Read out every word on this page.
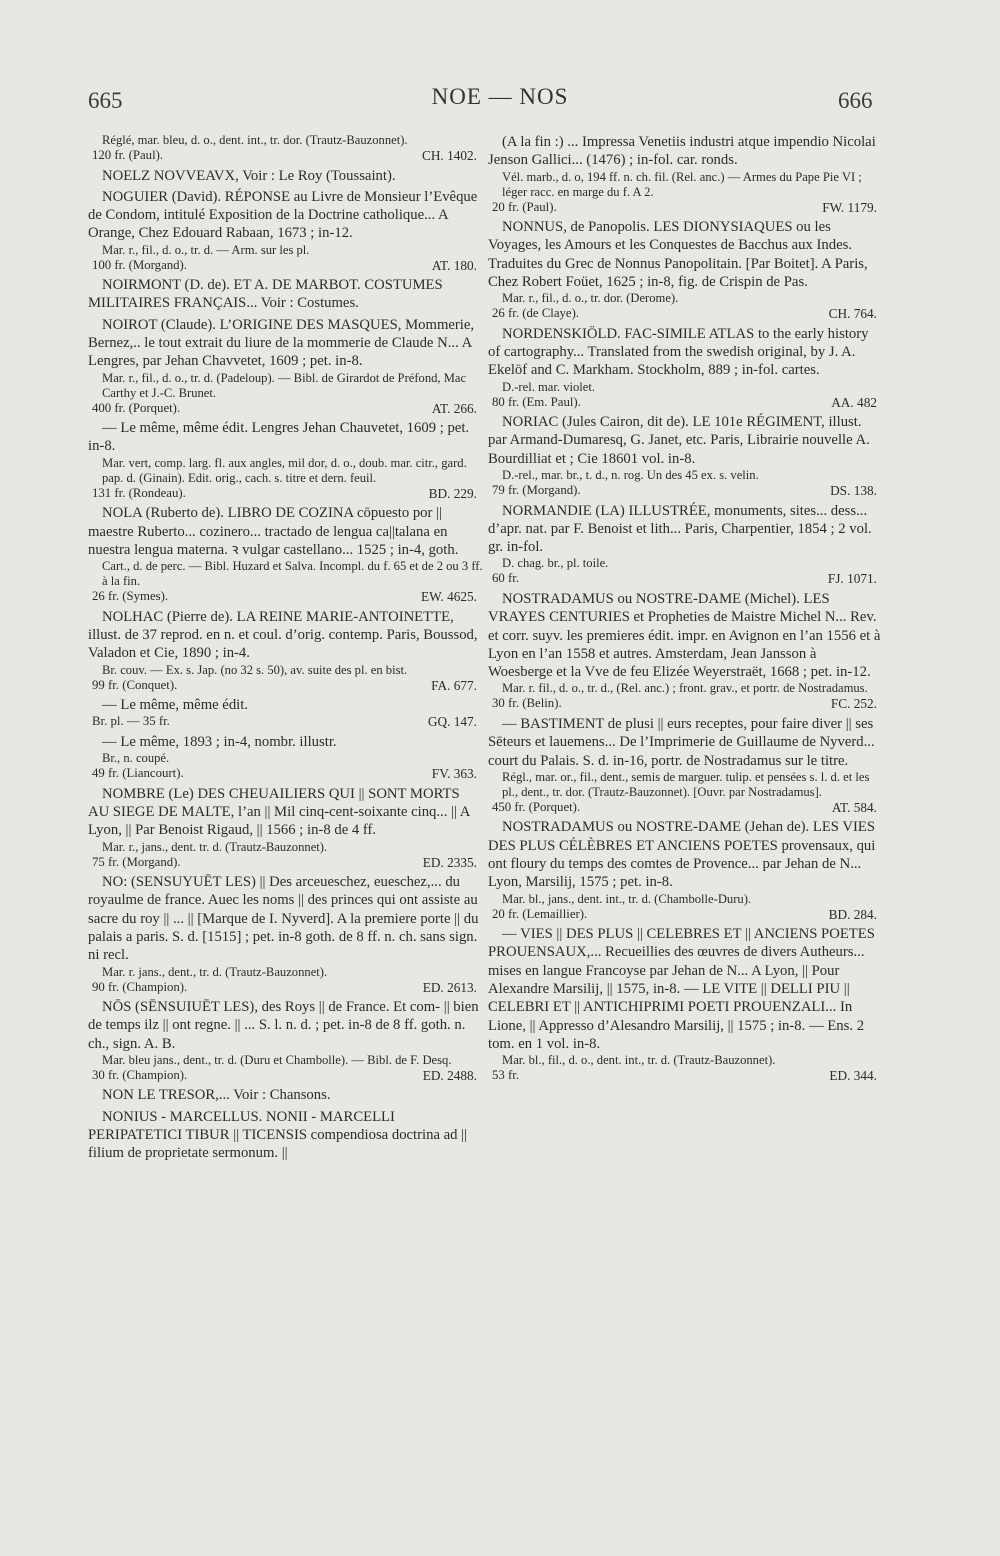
665	NOE — NOS	666
Réglé, mar. bleu, d. o., dent. int., tr. dor. (Trautz-Bauzonnet).
120 fr. (Paul).	CH. 1402.
NOELZ NOVVEAVX, Voir : Le Roy (Toussaint).
NOGUIER (David). RÉPONSE au Livre de Monsieur l’Evêque de Condom, intitulé Exposition de la Doctrine catholique... A Orange, Chez Edouard Rabaan, 1673 ; in-12.
Mar. r., fil., d. o., tr. d. — Arm. sur les pl.
100 fr. (Morgand).	AT. 180.
NOIRMONT (D. de). ET A. DE MARBOT. COSTUMES MILITAIRES FRANÇAIS... Voir : Costumes.
NOIROT (Claude). L’ORIGINE DES MASQUES, Mommerie, Bernez,.. le tout extrait du liure de la mommerie de Claude N... A Lengres, par Jehan Chavvetet, 1609 ; pet. in-8.
Mar. r., fil., d. o., tr. d. (Padeloup). — Bibl. de Girardot de Préfond, Mac Carthy et J.-C. Brunet.
400 fr. (Porquet).	AT. 266.
— Le même, même édit. Lengres Jehan Chauvetet, 1609 ; pet. in-8.
Mar. vert, comp. larg. fl. aux angles, mil dor, d. o., doub. mar. citr., gard. pap. d. (Ginain). Edit. orig., cach. s. titre et dern. feuil.
131 fr. (Rondeau).	BD. 229.
NOLA (Ruberto de). LIBRO DE COZINA cōpuesto por || maestre Ruberto... cozinero... tractado de lengua ca||talana en nuestra lengua materna. ꝛ vulgar castellano... 1525 ; in-4, goth.
Cart., d. de perc. — Bibl. Huzard et Salva. Incompl. du f. 65 et de 2 ou 3 ff. à la fin.
26 fr. (Symes).	EW. 4625.
NOLHAC (Pierre de). LA REINE MARIE-ANTOINETTE, illust. de 37 reprod. en n. et coul. d’orig. contemp. Paris, Boussod, Valadon et Cie, 1890 ; in-4.
Br. couv. — Ex. s. Jap. (no 32 s. 50), av. suite des pl. en bist.
99 fr. (Conquet).	FA. 677.
— Le même, même édit.
Br. pl. — 35 fr.	GQ. 147.
— Le même, 1893 ; in-4, nombr. illustr.
Br., n. coupé.
49 fr. (Liancourt).	FV. 363.
NOMBRE (Le) DES CHEUAILIERS QUI || SONT MORTS AU SIEGE DE MALTE, l’an || Mil cinq-cent-soixante cinq... || A Lyon, || Par Benoist Rigaud, || 1566 ; in-8 de 4 ff.
Mar. r., jans., dent. tr. d. (Trautz-Bauzonnet).
75 fr. (Morgand).	ED. 2335.
NO: (SENSUYUĒT LES) || Des arceueschez, eueschez,... du royaulme de france. Auec les noms || des princes qui ont assiste au sacre du roy || ... || [Marque de I. Nyverd]. A la premiere porte || du palais a paris. S. d. [1515] ; pet. in-8 goth. de 8 ff. n. ch. sans sign. ni recl.
Mar. r. jans., dent., tr. d. (Trautz-Bauzonnet).
90 fr. (Champion).	ED. 2613.
NŌS (SĒNSUIUĒT LES), des Roys || de France. Et com- || bien de temps ilz || ont regne. || ... S. l. n. d. ; pet. in-8 de 8 ff. goth. n. ch., sign. A. B.
Mar. bleu jans., dent., tr. d. (Duru et Chambolle). — Bibl. de F. Desq.
30 fr. (Champion).	ED. 2488.
NON LE TRESOR,... Voir : Chansons.
NONIUS - MARCELLUS. NONII - MARCELLI PERIPATETICI TIBUR || TICENSIS compendiosa doctrina ad || filium de proprietate sermonum. ||
(A la fin :) ... Impressa Venetiis industri atque impendio Nicolai Jenson Gallici... (1476) ; in-fol. car. ronds.
Vél. marb., d. o, 194 ff. n. ch. fil. (Rel. anc.) — Armes du Pape Pie VI ; léger racc. en marge du f. A 2.
20 fr. (Paul).	FW. 1179.
NONNUS, de Panopolis. LES DIONYSIAQUES ou les Voyages, les Amours et les Conquestes de Bacchus aux Indes. Traduites du Grec de Nonnus Panopolitain. [Par Boitet]. A Paris, Chez Robert Foüet, 1625 ; in-8, fig. de Crispin de Pas.
Mar. r., fil., d. o., tr. dor. (Derome).
26 fr. (de Claye).	CH. 764.
NORDENSKIÖLD. FAC-SIMILE ATLAS to the early history of cartography... Translated from the swedish original, by J. A. Ekelöf and C. Markham. Stockholm, 889 ; in-fol. cartes.
D.-rel. mar. violet.
80 fr. (Em. Paul).	AA. 482
NORIAC (Jules Cairon, dit de). LE 101e RÉGIMENT, illust. par Armand-Dumaresq, G. Janet, etc. Paris, Librairie nouvelle A. Bourdilliat et ; Cie 18601 vol. in-8.
D.-rel., mar. br., t. d., n. rog. Un des 45 ex. s. velin.
79 fr. (Morgand).	DS. 138.
NORMANDIE (LA) ILLUSTRÉE, monuments, sites... dess... d’apr. nat. par F. Benoist et lith... Paris, Charpentier, 1854 ; 2 vol. gr. in-fol.
D. chag. br., pl. toile.
60 fr.	FJ. 1071.
NOSTRADAMUS ou NOSTRE-DAME (Michel). LES VRAYES CENTURIES et Propheties de Maistre Michel N... Rev. et corr. suyv. les premieres édit. impr. en Avignon en l’an 1556 et à Lyon en l’an 1558 et autres. Amsterdam, Jean Jansson à Woesberge et la Vve de feu Elizée Weyerstraët, 1668 ; pet. in-12.
Mar. r. fil., d. o., tr. d., (Rel. anc.) ; front. grav., et portr. de Nostradamus.
30 fr. (Belin).	FC. 252.
— BASTIMENT de plusi || eurs receptes, pour faire diver || ses Sēteurs et lauemens... De l’Imprimerie de Guillaume de Nyverd... court du Palais. S. d. in-16, portr. de Nostradamus sur le titre.
Régl., mar. or., fil., dent., semis de marguer. tulip. et pensées s. l. d. et les pl., dent., tr. dor. (Trautz-Bauzonnet). [Ouvr. par Nostradamus].
450 fr. (Porquet).	AT. 584.
NOSTRADAMUS ou NOSTRE-DAME (Jehan de). LES VIES DES PLUS CÉLÈBRES ET ANCIENS POETES provensaux, qui ont floury du temps des comtes de Provence... par Jehan de N... Lyon, Marsilij, 1575 ; pet. in-8.
Mar. bl., jans., dent. int., tr. d. (Chambolle-Duru).
20 fr. (Lemaillier).	BD. 284.
— VIES || DES PLUS || CELEBRES ET || ANCIENS POETES PROUENSAUX,... Recueillies des œuvres de divers Autheurs... mises en langue Francoyse par Jehan de N... A Lyon, || Pour Alexandre Marsilij, || 1575, in-8. — LE VITE || DELLI PIU || CELEBRI ET || ANTICHIPRIMI POETI PROUENZALI... In Lione, || Appresso d’Alesandro Marsilij, || 1575 ; in-8. — Ens. 2 tom. en 1 vol. in-8.
Mar. bl., fil., d. o., dent. int., tr. d. (Trautz-Bauzonnet).
53 fr.	ED. 344.
